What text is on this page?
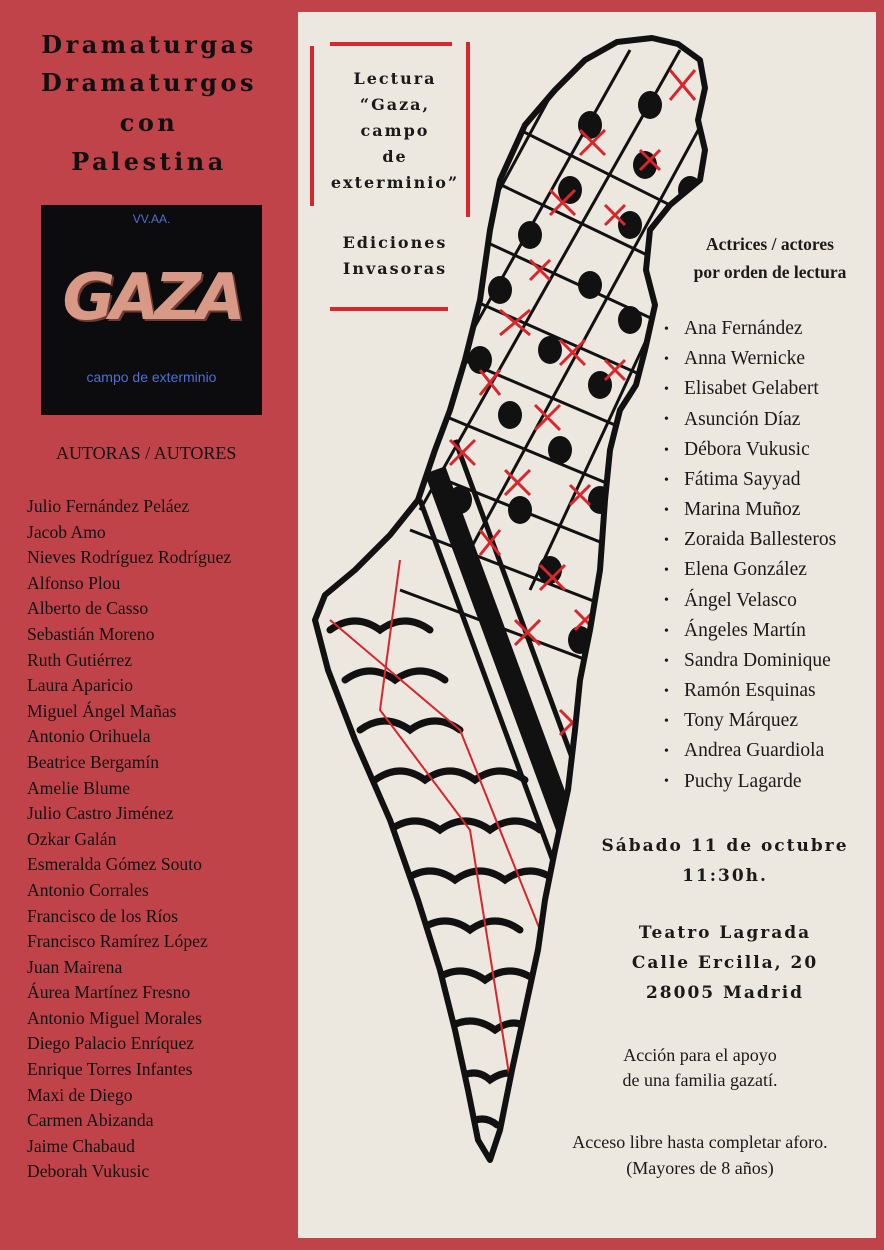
Dramaturgas
Dramaturgos
con
Palestina
VV.AA.
GAZA
campo de exterminio
AUTORAS / AUTORES
Julio Fernández Peláez
Jacob Amo
Nieves Rodríguez Rodríguez
Alfonso Plou
Alberto de Casso
Sebastián Moreno
Ruth Gutiérrez
Laura Aparicio
Miguel Ángel Mañas
Antonio Orihuela
Beatrice Bergamín
Amelie Blume
Julio Castro Jiménez
Ozkar Galán
Esmeralda Gómez Souto
Antonio Corrales
Francisco de los Ríos
Francisco Ramírez López
Juan Mairena
Áurea Martínez Fresno
Antonio Miguel Morales
Diego Palacio Enríquez
Enrique Torres Infantes
Maxi de Diego
Carmen Abizanda
Jaime Chabaud
Deborah Vukusic
Lectura
“Gaza,
campo
de
exterminio”
Ediciones
Invasoras
Actrices / actores
por orden de lectura
• Ana Fernández
• Anna Wernicke
• Elisabet Gelabert
• Asunción Díaz
• Débora Vukusic
• Fátima Sayyad
• Marina Muñoz
• Zoraida Ballesteros
• Elena González
• Ángel Velasco
• Ángeles Martín
• Sandra Dominique
• Ramón Esquinas
• Tony Márquez
• Andrea Guardiola
• Puchy Lagarde
Sábado 11 de octubre
11:30h.
Teatro Lagrada
Calle Ercilla, 20
28005 Madrid
Acción para el apoyo
de una familia gazatí.
Acceso libre hasta completar aforo.
(Mayores de 8 años)
